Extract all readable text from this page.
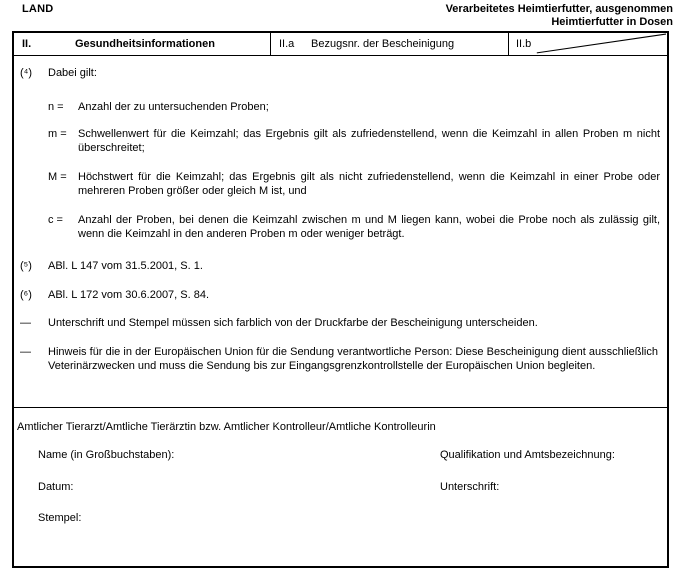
LAND	Verarbeitetes Heimtierfutter, ausgenommen
Heimtierfutter in Dosen
II.	Gesundheitsinformationen	II.a	Bezugsnr. der Bescheinigung	II.b
(⁴)	Dabei gilt:
n =	Anzahl der zu untersuchenden Proben;
m =	Schwellenwert für die Keimzahl; das Ergebnis gilt als zufriedenstellend, wenn die Keimzahl in allen Proben m nicht überschreitet;
M =	Höchstwert für die Keimzahl; das Ergebnis gilt als nicht zufriedenstellend, wenn die Keimzahl in einer Probe oder mehreren Proben größer oder gleich M ist, und
c =	Anzahl der Proben, bei denen die Keimzahl zwischen m und M liegen kann, wobei die Probe noch als zulässig gilt, wenn die Keimzahl in den anderen Proben m oder weniger beträgt.
(⁵)	ABl. L 147 vom 31.5.2001, S. 1.
(⁶)	ABl. L 172 vom 30.6.2007, S. 84.
—	Unterschrift und Stempel müssen sich farblich von der Druckfarbe der Bescheinigung unterscheiden.
—	Hinweis für die in der Europäischen Union für die Sendung verantwortliche Person: Diese Bescheinigung dient ausschließlich Veterinärzwecken und muss die Sendung bis zur Eingangsgrenzkontrollstelle der Europäischen Union begleiten.
Amtlicher Tierarzt/Amtliche Tierärztin bzw. Amtlicher Kontrolleur/Amtliche Kontrolleurin
Name (in Großbuchstaben):	Qualifikation und Amtsbezeichnung:
Datum:	Unterschrift:
Stempel:
